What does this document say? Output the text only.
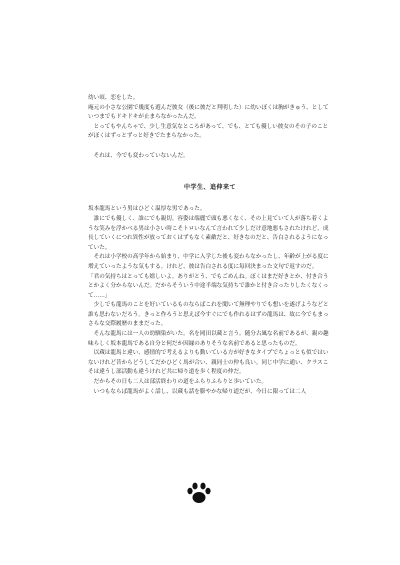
幼い頃、恋をした。

庵元の小さな公園で幾度も遊んだ彼女（後に彼だと判明した）に幼いぼくは胸がきゅう、としていつまでもドキドキが止まらなかったんだ。

とってもやんちゃで、少し生意気なところがあって、でも、とても優しい彼女のその子のことがぼくはずっとずっと好きでたまらなかった。

それは、今でも変わっていないんだ。

中学生、追伸来て

坂本龍馬という男はひどく温厚な男であった。

誰にでも優しく、誰にでも親切。容姿は端麗で頭も悪くなく、その上見ていて人が落ち着くような笑みを浮かべる男は小さい時こそトロいなんて言われて少しだけ意地悪もされたけれど、成長していくにつれ異性が放っておくはずもなく素敵だと、好きなのだと、告白されるようになっていた。

それは小学校の高学年から始まり、中学に入学した後も変わらなかったし、年齢が上がる度に増えていったような気もする。けれど、彼は告白される度に毎回決まった文句で返すのだ。

「君の気持ちはとっても嬉しいよ。ありがとう、でもごめんね。ぼくはまだ好きとか、付き合うとかよく分からないんだ。だからそういう中途半端な気持ちで誰かと付き合ったりしたくなくって……」

少しでも龍馬のことを好いているものならばこれを聞いて無理やりでも想いを遂げようなどと誰も思わないだろう。きっと作ろうと思えば今すぐにでも作れるはずの龍馬は、故に今でもまっさらな交際履歴のままだった。

そんな龍馬には一人の幼馴染がいた。名を岡田以蔵と言う。随分古風な名前であるが、親の趣味らしく坂本龍馬である自分と何だか因縁のありそうな名前であると思ったものだ。

以蔵は龍馬と違い、感情的で考えるよりも動いている方が好きなタイプでちょっとも似ではいないけれど昔からどうしてだかひどく馬が合い、親同士の仲も良い。同じ中学に通い、クラスこそは違うし部活動も違うけれど共に帰り道を歩く程度の仲だ。

だからその日も二人は部活終わりの道をふらりふらりと歩いていた。

いつもならば龍馬がよく話し、以蔵も話を膨やかな帰り道だが、今日に限っては二人
